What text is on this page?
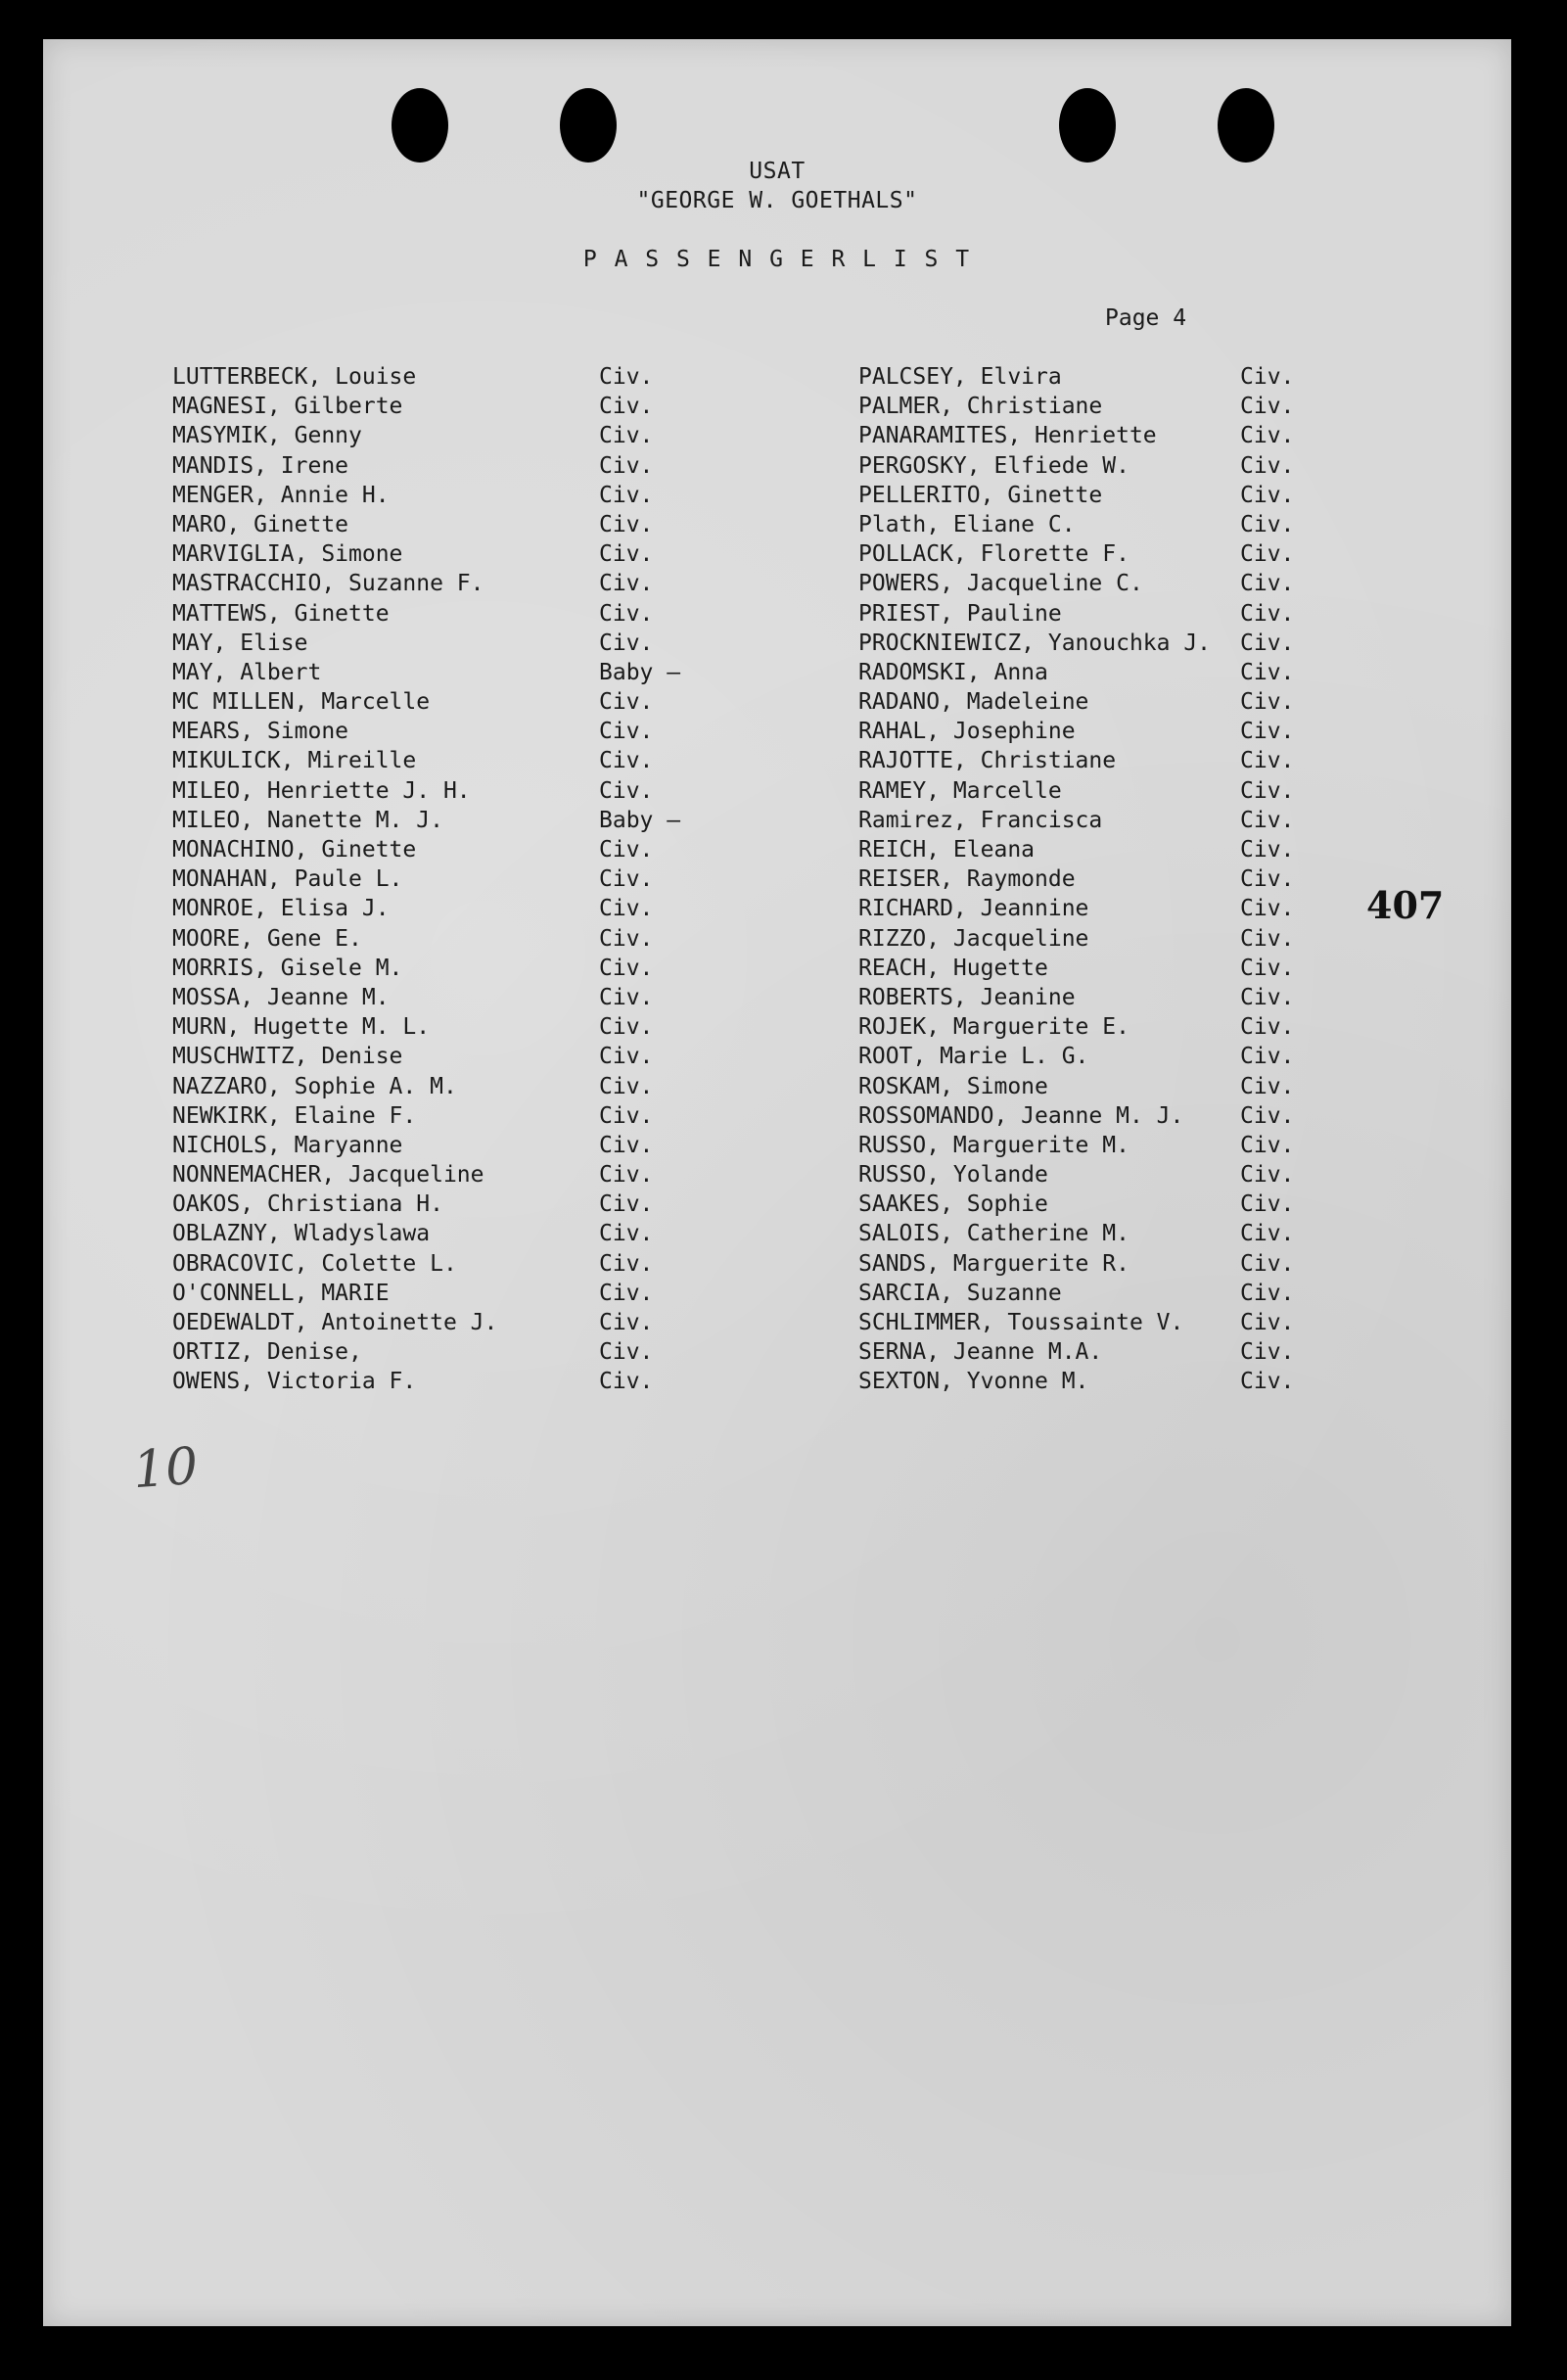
USAT
"GEORGE W. GOETHALS"
P A S S E N G E R L I S T
Page 4
407
10
LUTTERBECK, Louise	Civ.
MAGNESI, Gilberte	Civ.
MASYMIK, Genny	Civ.
MANDIS, Irene	Civ.
MENGER, Annie H.	Civ.
MARO, Ginette	Civ.
MARVIGLIA, Simone	Civ.
MASTRACCHIO, Suzanne F.	Civ.
MATTEWS, Ginette	Civ.
MAY, Elise	Civ.
MAY, Albert	Baby —
MC MILLEN, Marcelle	Civ.
MEARS, Simone	Civ.
MIKULICK, Mireille	Civ.
MILEO, Henriette J. H.	Civ.
MILEO, Nanette M. J.	Baby —
MONACHINO, Ginette	Civ.
MONAHAN, Paule L.	Civ.
MONROE, Elisa J.	Civ.
MOORE, Gene E.	Civ.
MORRIS, Gisele M.	Civ.
MOSSA, Jeanne M.	Civ.
MURN, Hugette M. L.	Civ.
MUSCHWITZ, Denise	Civ.
NAZZARO, Sophie A. M.	Civ.
NEWKIRK, Elaine F.	Civ.
NICHOLS, Maryanne	Civ.
NONNEMACHER, Jacqueline	Civ.
OAKOS, Christiana H.	Civ.
OBLAZNY, Wladyslawa	Civ.
OBRACOVIC, Colette L.	Civ.
O'CONNELL, MARIE	Civ.
OEDEWALDT, Antoinette J.	Civ.
ORTIZ, Denise,	Civ.
OWENS, Victoria F.	Civ.
PALCSEY, Elvira	Civ.
PALMER, Christiane	Civ.
PANARAMITES, Henriette	Civ.
PERGOSKY, Elfiede W.	Civ.
PELLERITO, Ginette	Civ.
Plath, Eliane C.	Civ.
POLLACK, Florette F.	Civ.
POWERS, Jacqueline C.	Civ.
PRIEST, Pauline	Civ.
PROCKNIEWICZ, Yanouchka J. Civ.
RADOMSKI, Anna	Civ.
RADANO, Madeleine	Civ.
RAHAL, Josephine	Civ.
RAJOTTE, Christiane	Civ.
RAMEY, Marcelle	Civ.
Ramirez, Francisca	Civ.
REICH, Eleana	Civ.
REISER, Raymonde	Civ.
RICHARD, Jeannine	Civ.
RIZZO, Jacqueline	Civ.
REACH, Hugette	Civ.
ROBERTS, Jeanine	Civ.
ROJEK, Marguerite E.	Civ.
ROOT, Marie L. G.	Civ.
ROSKAM, Simone	Civ.
ROSSOMANDO, Jeanne M. J.	Civ.
RUSSO, Marguerite M.	Civ.
RUSSO, Yolande	Civ.
SAAKES, Sophie	Civ.
SALOIS, Catherine M.	Civ.
SANDS, Marguerite R.	Civ.
SARCIA, Suzanne	Civ.
SCHLIMMER, Toussainte V.	Civ.
SERNA, Jeanne M.A.	Civ.
SEXTON, Yvonne M.	Civ.
